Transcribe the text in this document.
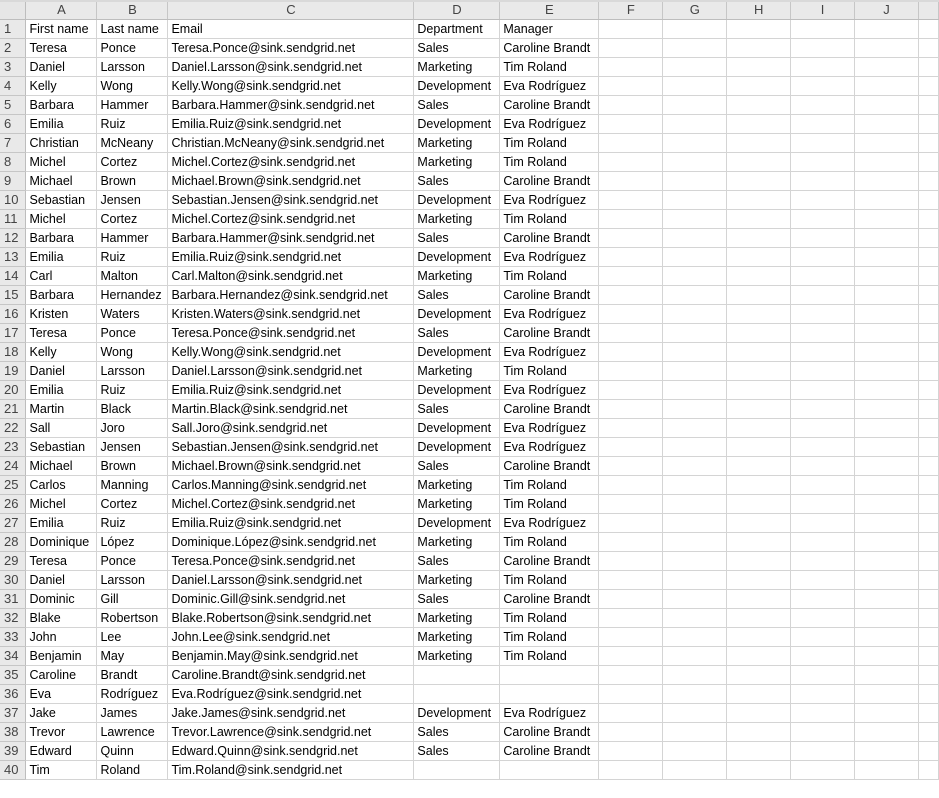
	A	B	C	D	E	F	G	H	I	J	
1	First name	Last name	Email	Department	Manager						
2	Teresa	Ponce	Teresa.Ponce@sink.sendgrid.net	Sales	Caroline Brandt						
3	Daniel	Larsson	Daniel.Larsson@sink.sendgrid.net	Marketing	Tim Roland						
4	Kelly	Wong	Kelly.Wong@sink.sendgrid.net	Development	Eva Rodríguez						
5	Barbara	Hammer	Barbara.Hammer@sink.sendgrid.net	Sales	Caroline Brandt						
6	Emilia	Ruiz	Emilia.Ruiz@sink.sendgrid.net	Development	Eva Rodríguez						
7	Christian	McNeany	Christian.McNeany@sink.sendgrid.net	Marketing	Tim Roland						
8	Michel	Cortez	Michel.Cortez@sink.sendgrid.net	Marketing	Tim Roland						
9	Michael	Brown	Michael.Brown@sink.sendgrid.net	Sales	Caroline Brandt						
10	Sebastian	Jensen	Sebastian.Jensen@sink.sendgrid.net	Development	Eva Rodríguez						
11	Michel	Cortez	Michel.Cortez@sink.sendgrid.net	Marketing	Tim Roland						
12	Barbara	Hammer	Barbara.Hammer@sink.sendgrid.net	Sales	Caroline Brandt						
13	Emilia	Ruiz	Emilia.Ruiz@sink.sendgrid.net	Development	Eva Rodríguez						
14	Carl	Malton	Carl.Malton@sink.sendgrid.net	Marketing	Tim Roland						
15	Barbara	Hernandez	Barbara.Hernandez@sink.sendgrid.net	Sales	Caroline Brandt						
16	Kristen	Waters	Kristen.Waters@sink.sendgrid.net	Development	Eva Rodríguez						
17	Teresa	Ponce	Teresa.Ponce@sink.sendgrid.net	Sales	Caroline Brandt						
18	Kelly	Wong	Kelly.Wong@sink.sendgrid.net	Development	Eva Rodríguez						
19	Daniel	Larsson	Daniel.Larsson@sink.sendgrid.net	Marketing	Tim Roland						
20	Emilia	Ruiz	Emilia.Ruiz@sink.sendgrid.net	Development	Eva Rodríguez						
21	Martin	Black	Martin.Black@sink.sendgrid.net	Sales	Caroline Brandt						
22	Sall	Joro	Sall.Joro@sink.sendgrid.net	Development	Eva Rodríguez						
23	Sebastian	Jensen	Sebastian.Jensen@sink.sendgrid.net	Development	Eva Rodríguez						
24	Michael	Brown	Michael.Brown@sink.sendgrid.net	Sales	Caroline Brandt						
25	Carlos	Manning	Carlos.Manning@sink.sendgrid.net	Marketing	Tim Roland						
26	Michel	Cortez	Michel.Cortez@sink.sendgrid.net	Marketing	Tim Roland						
27	Emilia	Ruiz	Emilia.Ruiz@sink.sendgrid.net	Development	Eva Rodríguez						
28	Dominique	López	Dominique.López@sink.sendgrid.net	Marketing	Tim Roland						
29	Teresa	Ponce	Teresa.Ponce@sink.sendgrid.net	Sales	Caroline Brandt						
30	Daniel	Larsson	Daniel.Larsson@sink.sendgrid.net	Marketing	Tim Roland						
31	Dominic	Gill	Dominic.Gill@sink.sendgrid.net	Sales	Caroline Brandt						
32	Blake	Robertson	Blake.Robertson@sink.sendgrid.net	Marketing	Tim Roland						
33	John	Lee	John.Lee@sink.sendgrid.net	Marketing	Tim Roland						
34	Benjamin	May	Benjamin.May@sink.sendgrid.net	Marketing	Tim Roland						
35	Caroline	Brandt	Caroline.Brandt@sink.sendgrid.net								
36	Eva	Rodríguez	Eva.Rodríguez@sink.sendgrid.net								
37	Jake	James	Jake.James@sink.sendgrid.net	Development	Eva Rodríguez						
38	Trevor	Lawrence	Trevor.Lawrence@sink.sendgrid.net	Sales	Caroline Brandt						
39	Edward	Quinn	Edward.Quinn@sink.sendgrid.net	Sales	Caroline Brandt						
40	Tim	Roland	Tim.Roland@sink.sendgrid.net								
